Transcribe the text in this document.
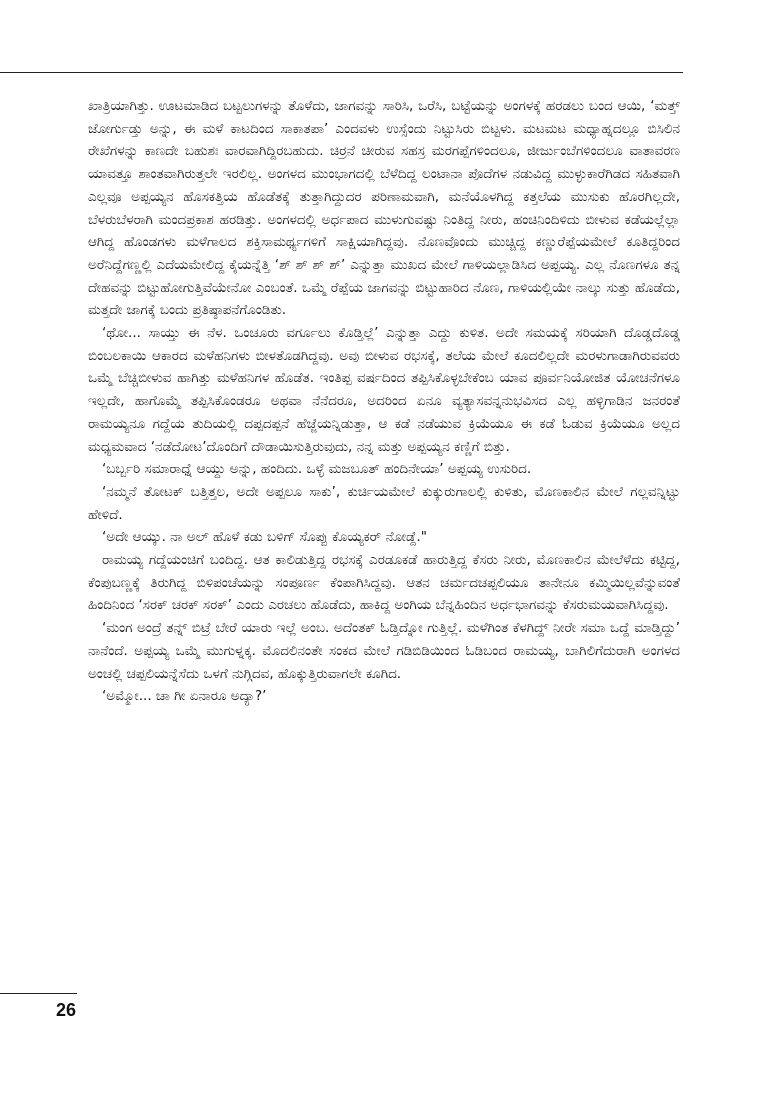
ಖಾತ್ರಿಯಾಗಿತ್ತು. ಊಟಮಾಡಿದ ಬಟ್ಟಲುಗಳನ್ನು ತೊಳೆದು, ಜಾಗವನ್ನು ಸಾರಿಸಿ, ಒರೆಸಿ, ಬಟ್ಟೆಯನ್ನು ಅಂಗಳಕ್ಕೆ ಹರಡಲು ಬಂದ ಆಯಿ, ‘ಮತ್ತ್ ಜೋರ್ಗುಡ್ತು ಅನ್ನು, ಈ ಮಳೆ ಕಾಟದಿಂದ ಸಾಕಾತಪಾ’ ಎಂದವಳು ಉಸ್ಸೆಂದು ನಿಟ್ಟುಸಿರು ಬಿಟ್ಟಳು. ಮಟಮಟ ಮಧ್ಯಾಹ್ನದಲ್ಲೂ ಬಿಸಿಲಿನ ರೇಖೆಗಳನ್ನು ಕಾಣದೇ ಬಹುಶಃ ವಾರವಾಗಿದ್ದಿರಬಹುದು. ಚಿರ್ರನೆ ಚೀರುವ ಸಹಸ್ರ ಮರಗಪ್ಪೆಗಳಿಂದಲೂ, ಜೀರ್ಜುಂಬೆಗಳಿಂದಲೂ ವಾತಾವರಣ ಯಾವತ್ತೂ ಶಾಂತವಾಗಿರುತ್ತಲೇ ಇರಲಿಲ್ಲ. ಅಂಗಳದ ಮುಂಭಾಗದಲ್ಲಿ ಬೆಳೆದಿದ್ದ ಲಂಟಾನಾ ಪೊದೆಗಳ ನಡುವಿದ್ದ ಮುಳ್ಳುಕಾರೆಗಿಡದ ಸಹಿತವಾಗಿ ಎಲ್ಲವೂ ಅಪ್ಪಯ್ಯನ ಹೊಸಕತ್ತಿಯ ಹೊಡೆತಕ್ಕೆ ತುತ್ತಾಗಿದ್ದುದರ ಪರಿಣಾಮವಾಗಿ, ಮನೆಯೊಳಗಿದ್ದ ಕತ್ತಲೆಯ ಮುಸುಕು ಹೊರಗಿಲ್ಲದೇ, ಬೆಳರುಬೆಳರಾಗಿ ಮಂದಪ್ರಕಾಶ ಹರಡಿತ್ತು. ಅಂಗಳದಲ್ಲಿ ಅರ್ಧಪಾದ ಮುಳುಗುವಷ್ಟು ನಿಂತಿದ್ದ ನೀರು, ಹಂಚಿನಿಂದಿಳಿದು ಬೀಳುವ ಕಡೆಯಲ್ಲೆಲ್ಲಾ ಆಗಿದ್ದ ಹೊಂಡಗಳು ಮಳೆಗಾಲದ ಶಕ್ತಿಸಾಮರ್ಥ್ಯಗಳಿಗೆ ಸಾಕ್ಷಿಯಾಗಿದ್ದವು. ನೊಣವೊಂದು ಮುಚ್ಚಿದ್ದ ಕಣ್ಣುರೆಪ್ಪೆಯಮೇಲೆ ಕೂತಿದ್ದರಿಂದ ಅರೆನಿದ್ದೆಗಣ್ಣಲ್ಲಿ ಎದೆಯಮೇಲಿದ್ದ ಕೈಯನ್ನೆತ್ತಿ ‘ಶ್ ಶ್ ಶ್ ಶ್’ ಎನ್ನುತ್ತಾ ಮುಖದ ಮೇಲೆ ಗಾಳಿಯಲ್ಲಾಡಿಸಿದ ಅಪ್ಪಯ್ಯ. ಎಲ್ಲ ನೊಣಗಳೂ ತನ್ನ ದೇಹವನ್ನು ಬಿಟ್ಟುಹೋಗುತ್ತಿವೆಯೇನೋ ಎಂಬಂತೆ. ಒಮ್ಮೆ ರೆಪ್ಪೆಯ ಜಾಗವನ್ನು ಬಿಟ್ಟುಹಾರಿದ ನೊಣ, ಗಾಳಿಯಲ್ಲಿಯೇ ನಾಲ್ಕು ಸುತ್ತು ಹೊಡೆದು, ಮತ್ತದೇ ಜಾಗಕ್ಕೆ ಬಂದು ಪ್ರತಿಷ್ಠಾಪನೆಗೊಂಡಿತು.

‘ಥೋ... ಸಾಯ್ತು ಈ ನೆಳ. ಒಂಚೂರು ವರ್ಗೂಲು ಕೊಡ್ತಿಲ್ಲೆ’ ಎನ್ನುತ್ತಾ ಎದ್ದು ಕುಳಿತ. ಅದೇ ಸಮಯಕ್ಕೆ ಸರಿಯಾಗಿ ದೊಡ್ಡದೊಡ್ಡ ಬಿಂಬಲಕಾಯಿ ಆಕಾರದ ಮಳೆಹನಿಗಳು ಬೀಳತೊಡಗಿದ್ದವು. ಅವು ಬೀಳುವ ರಭಸಕ್ಕೆ, ತಲೆಯ ಮೇಲೆ ಕೂದಲಿಲ್ಲದೇ ಮರಳುಗಾಡಾಗಿರುವವರು ಒಮ್ಮೆ ಬೆಚ್ಚಿಬೀಳುವ ಹಾಗಿತ್ತು ಮಳೆಹನಿಗಳ ಹೊಡೆತ. ಇಂತಿಪ್ಪ ವರ್ಷದಿಂದ ತಪ್ಪಿಸಿಕೊಳ್ಳಬೇಕೆಂಬ ಯಾವ ಪೂರ್ವನಿಯೋಜಿತ ಯೋಚನೆಗಳೂ ಇಲ್ಲದೇ, ಹಾಗೊಮ್ಮೆ ತಪ್ಪಿಸಿಕೊಂಡರೂ ಅಥವಾ ನೆನೆದರೂ, ಅದರಿಂದ ಏನೂ ವ್ಯತ್ಯಾಸವನ್ನನುಭವಿಸದ ಎಲ್ಲ ಹಳ್ಳಿಗಾಡಿನ ಜನರಂತೆ ರಾಮಯ್ಯನೂ ಗದ್ದೆಯ ತುದಿಯಲ್ಲಿ ದಪ್ಪದಪ್ಪನೆ ಹೆಜ್ಜೆಯನ್ನಿಡುತ್ತಾ, ಆ ಕಡೆ ನಡೆಯುವ ಕ್ರಿಯೆಯೂ ಈ ಕಡೆ ಓಡುವ ಕ್ರಿಯೆಯೂ ಅಲ್ಲದ ಮಧ್ಯಮವಾದ ‘ನಡೆದೋಟ’ದೊಂದಿಗೆ ದೌಡಾಯಿಸುತ್ತಿರುವುದು, ನನ್ನ ಮತ್ತು ಅಪ್ಪಯ್ಯನ ಕಣ್ಣಿಗೆ ಬಿತ್ತು.

‘ಬರ್ಬ್ಬರಿ ಸಮಾರಾಧ್ನೆ ಆಯ್ದು ಅನ್ನು, ಹಂದಿದು. ಒಳ್ಳೆ ಮಜಬೂತ್ ಹಂದಿನೇಯಾ’ ಅಪ್ಪಯ್ಯ ಉಸುರಿದ.

‘ನಮ್ಮನೆ ತೋಟಕ್ ಬತ್ತಿತ್ತಲ, ಅದೇ ಅಪ್ಪಲೂ ಸಾಕು’, ಕುರ್ಚಿಯಮೇಲೆ ಕುಕ್ಕುರುಗಾಲಲ್ಲಿ ಕುಳಿತು, ಮೊಣಕಾಲಿನ ಮೇಲೆ ಗಲ್ಲವನ್ನಿಟ್ಟು ಹೇಳಿದೆ.

‘ಅದೇ ಆಯ್ಕು. ನಾ ಅಲ್ ಹೊಳೆ ಕಡು ಬಳಿಗ್ ಸೊಪ್ಪು ಕೊಯ್ಯಕರ್ ನೋಡ್ದೆ."

ರಾಮಯ್ಯ ಗದ್ದೆಯಂಚಿಗೆ ಬಂದಿದ್ದ. ಆತ ಕಾಲಿಡುತ್ತಿದ್ದ ರಭಸಕ್ಕೆ ಎರಡೂಕಡೆ ಹಾರುತ್ತಿದ್ದ ಕೆಸರು ನೀರು, ಮೊಣಕಾಲಿನ ಮೇಲೆಳೆದು ಕಟ್ಟಿದ್ದ, ಕೆಂಪುಬಣ್ಣಕ್ಕೆ ತಿರುಗಿದ್ದ ಬಿಳಿಪಂಚೆಯನ್ನು ಸಂಪೂರ್ಣ ಕೆಂಪಾಗಿಸಿದ್ದವು. ಆತನ ಚರ್ಮದಚಪ್ಪಲಿಯೂ ತಾನೇನೂ ಕಮ್ಮಿಯಿಲ್ಲವೆನ್ನುವಂತೆ ಹಿಂದಿನಿಂದ ‘ಸರಕ್ ಚರಕ್ ಸರಕ್’ ಎಂದು ಎರಚಲು ಹೊಡೆದು, ಹಾಕಿದ್ದ ಅಂಗಿಯ ಬೆನ್ನಹಿಂದಿನ ಅರ್ಧಭಾಗವನ್ನು ಕೆಸರುಮಯವಾಗಿಸಿದ್ದವು.

‘ಮಂಗ ಅಂದ್ರೆ ತನ್ನ್ ಬಿಟ್ರೆ ಬೇರೆ ಯಾರು ಇಲ್ಲೆ ಅಂಬ. ಅದೆಂತಕ್ ಓಡ್ತಿದ್ನೋ ಗುತ್ತಿಲ್ಲೆ. ಮಳೆಗಿಂತ ಕೆಳಗಿದ್ದ್ ನೀರೇ ಸಮಾ ಒದ್ದೆ ಮಾಡ್ತಿದ್ದು’ ನಾನೆಂದೆ. ಅಪ್ಪಯ್ಯ ಒಮ್ಮೆ ಮುಗುಳ್ನಕ್ಕ. ಮೊದಲಿನಂತೇ ಸಂಕದ ಮೇಲೆ ಗಡಿಬಿಡಿಯಿಂದ ಓಡಿಬಂದ ರಾಮಯ್ಯ, ಬಾಗಿಲಿಗೆದುರಾಗಿ ಅಂಗಳದ ಅಂಚಲ್ಲಿ ಚಪ್ಪಲಿಯನ್ನೆಸೆದು ಒಳಗೆ ನುಗ್ಗಿದವ, ಹೊಕ್ಕುತ್ತಿರುವಾಗಲೇ ಕೂಗಿದ.

‘ಅಮ್ಮೋ... ಚಾ ಗೀ ಏನಾರೂ ಅದ್ಯಾ?’

26
